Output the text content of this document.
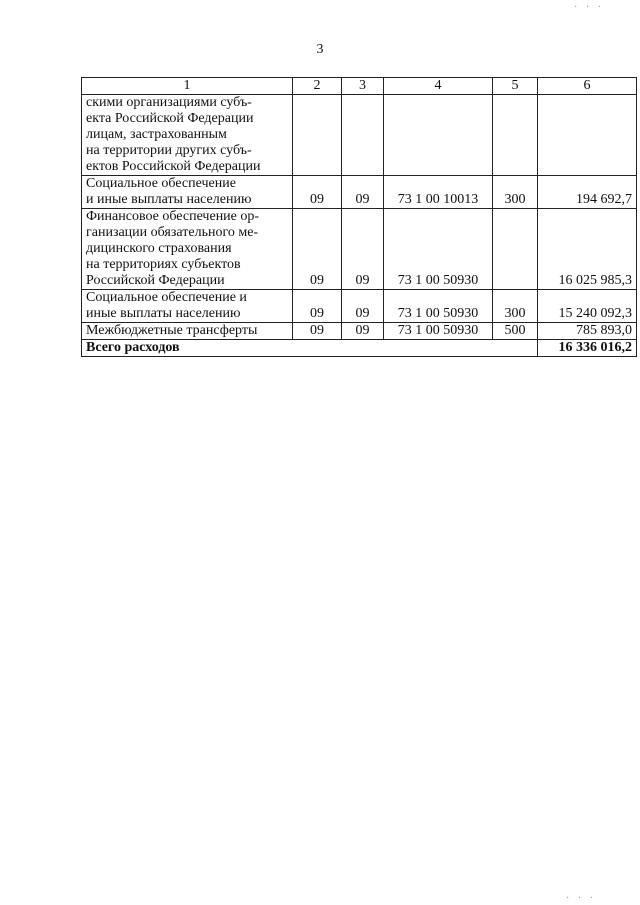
3
1	2	3	4	5	6
скими организациями субъ-
екта Российской Федерации
лицам, застрахованным
на территории других субъ-
ектов Российской Федерации					
Социальное обеспечение
и иные выплаты населению	09	09	73 1 00 10013	300	194 692,7
Финансовое обеспечение ор-
ганизации обязательного ме-
дицинского страхования
на территориях субъектов
Российской Федерации	09	09	73 1 00 50930		16 025 985,3
Социальное обеспечение и
иные выплаты населению	09	09	73 1 00 50930	300	15 240 092,3
Межбюджетные трансферты	09	09	73 1 00 50930	500	785 893,0
Всего расходов					16 336 016,2
· · ·
· · ·
